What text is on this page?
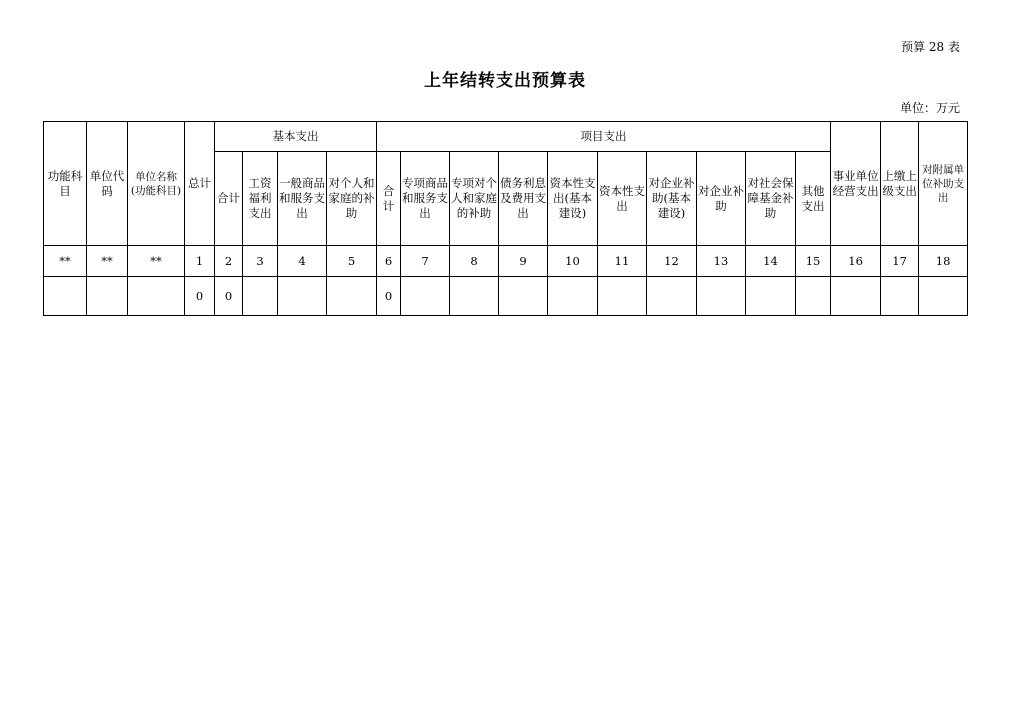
预算 28 表
上年结转支出预算表
单位：万元
功能科目	单位代码	单位名称(功能科目)	总计	基本支出				项目支出										事业单位经营支出	上缴上级支出	对附属单位补助支出
				合计	工资福利支出	一般商品和服务支出	对个人和家庭的补助	合计	专项商品和服务支出	专项对个人和家庭的补助	债务利息及费用支出	资本性支出(基本建设)	资本性支出	对企业补助(基本建设)	对企业补助	对社会保障基金补助	其他支出			
**	**	**	1	2	3	4	5	6	7	8	9	10	11	12	13	14	15	16	17	18
			0	0				0												
